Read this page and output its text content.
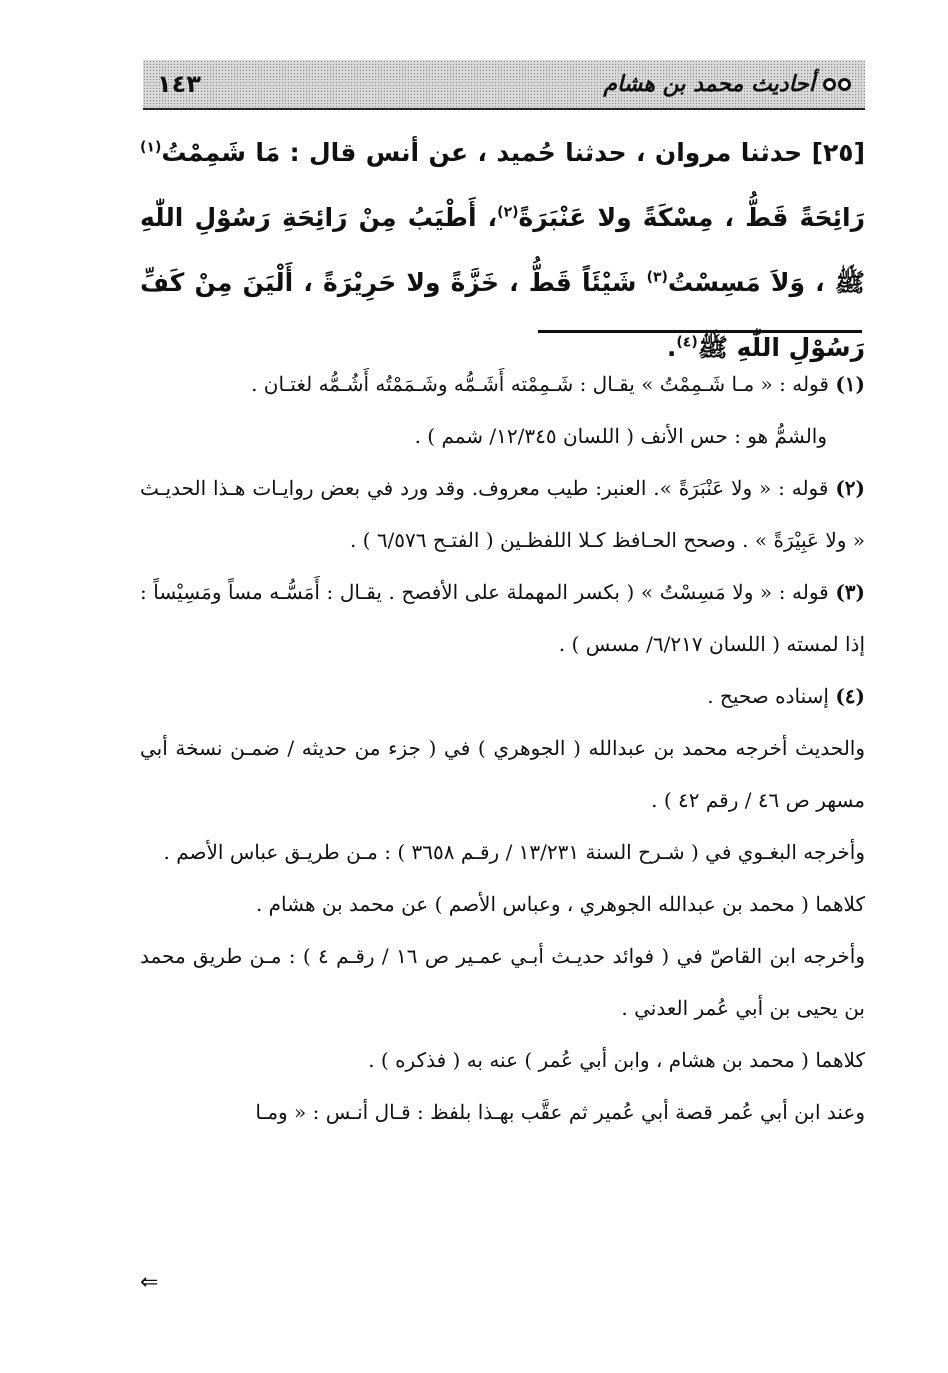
أحاديث محمد بن هشام
١٤٣
[٢٥] حدثنا مروان ، حدثنا حُميد ، عن أنس قال : مَا شَمِمْتُ$^{(١)}$ رَائِحَةً قَطُّ ، مِسْكَةً ولا عَنْبَرَةً$^{(٢)}$، أَطْيَبُ مِنْ رَائِحَةِ رَسُوْلِ اللّٰهِ ﷺ ، وَلاَ مَسِسْتُ$^{(٣)}$ شَيْئَاً قَطُّ ، خَزَّةً ولا حَرِيْرَةً ، أَلْيَنَ مِنْ كَفِّ رَسُوْلِ اللّٰهِ ﷺ$^{(٤)}$.

(١) قوله : « مـا شَـمِمْتُ » يقـال : شَـمِمْته أَشَـمُّه وشَـمَمْتُه أَشُـمُّه لغتـان .

والشمُّ هو : حس الأنف ( اللسان ١٢/٣٤٥/ شمم ) .

(٢) قوله : « ولا عَنْبَرَةً ». العنبر: طيب معروف. وقد ورد في بعض روايـات هـذا الحديـث « ولا عَبِيْرَةً » . وصحح الحـافظ كـلا اللفظـين ( الفتـح ٦/٥٧٦ ) .

(٣) قوله : « ولا مَسِسْتُ » ( بكسر المهملة على الأفصح . يقـال : أَمَسُّـه مساً ومَسِيْساً : إذا لمسته ( اللسان ٦/٢١٧/ مسس ) .

(٤) إسناده صحيح .

والحديث أخرجه محمد بن عبدالله ( الجوهري ) في ( جزء من حديثه / ضمـن نسخة أبي مسهر ص ٤٦ / رقم ٤٢ ) .

وأخرجه البغـوي في ( شـرح السنة ١٣/٢٣١ / رقـم ٣٦٥٨ ) : مـن طريـق عباس الأصم .

كلاهما ( محمد بن عبدالله الجوهري ، وعباس الأصم ) عن محمد بن هشام .

وأخرجه ابن القاصّ في ( فوائد حديـث أبـي عمـير ص ١٦ / رقـم ٤ ) : مـن طريق محمد بن يحيى بن أبي عُمر العدني .

كلاهما ( محمد بن هشام ، وابن أبي عُمر ) عنه به ( فذكره ) .

وعند ابن أبي عُمر قصة أبي عُمير ثم عقَّب بهـذا بلفظ : قـال أنـس : « ومـا

⇐
